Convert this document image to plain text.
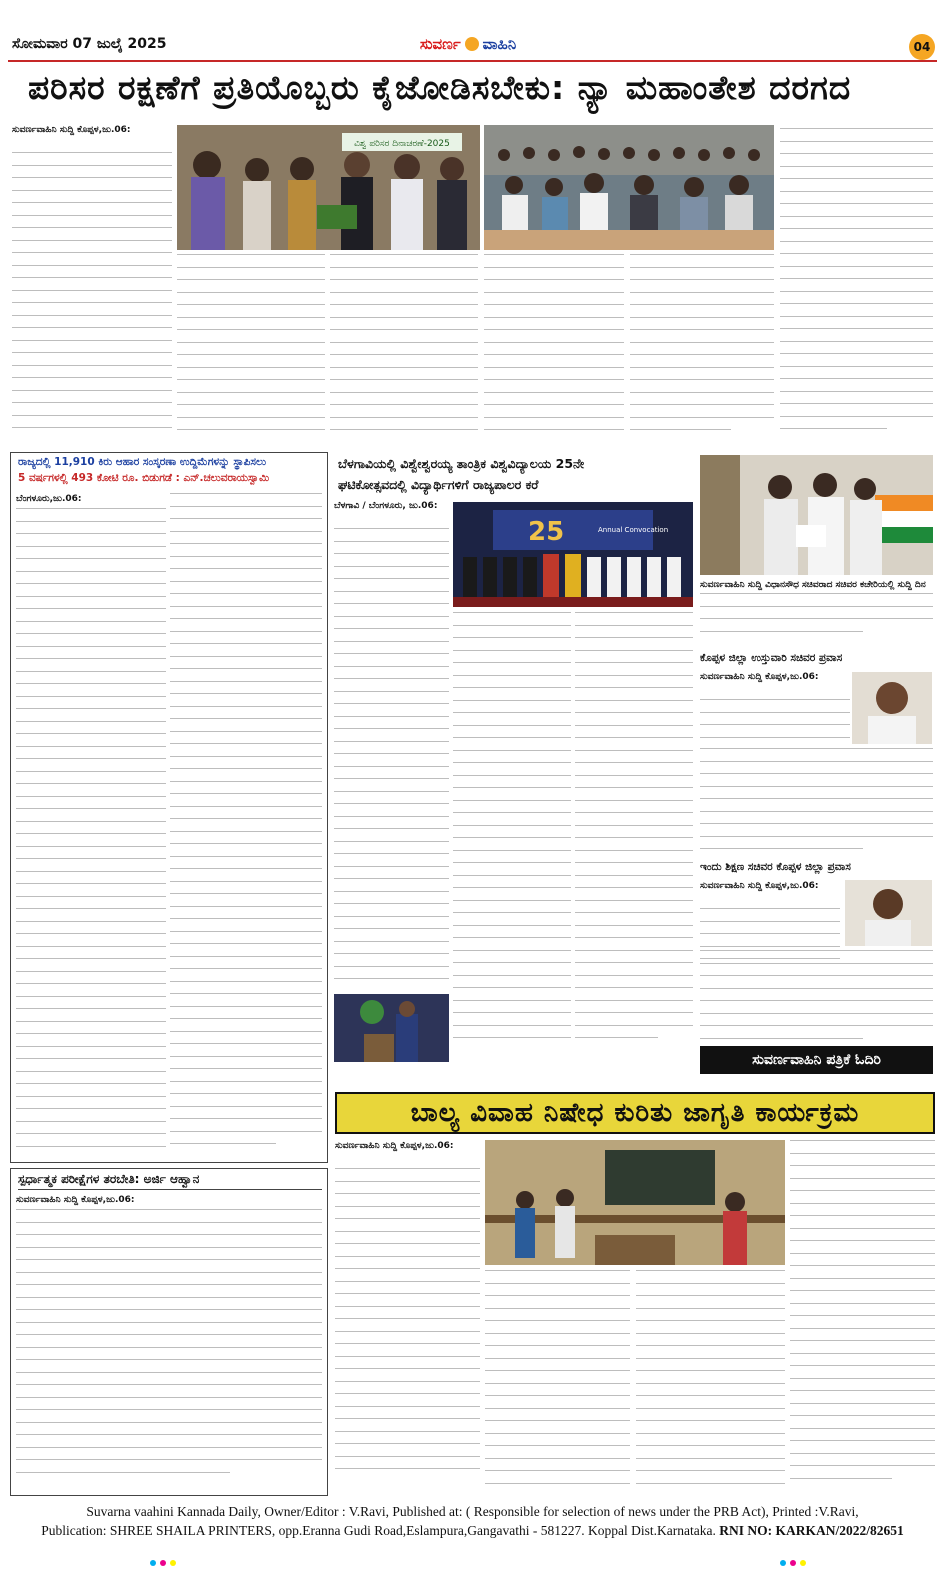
ಸೋಮವಾರ 07 ಜುಲೈ 2025	ಸುವರ್ಣ ವಾಹಿನಿ	04
ಪರಿಸರ ರಕ್ಷಣೆಗೆ ಪ್ರತಿಯೊಬ್ಬರು ಕೈಜೋಡಿಸಬೇಕು: ನ್ಯಾ ಮಹಾಂತೇಶ ದರಗದ
ಸುವರ್ಣವಾಹಿನಿ ಸುದ್ದಿ ಕೊಪ್ಪಳ,ಜು.06:
ವಿಶ್ವ ಪರಿಸರ ದಿನಾಚರಣೆ-2025
ರಾಜ್ಯದಲ್ಲಿ 11,910 ಕಿರು ಆಹಾರ ಸಂಸ್ಕರಣಾ ಉದ್ದಿಮೆಗಳನ್ನು ಸ್ಥಾಪಿಸಲು
5 ವರ್ಷಗಳಲ್ಲಿ 493 ಕೋಟಿ ರೂ. ಬಿಡುಗಡೆ : ಎನ್.ಚಲುವರಾಯಸ್ವಾಮಿ
ಬೆಂಗಳೂರು,ಜು.06:
ಬೆಳಗಾವಿಯಲ್ಲಿ ವಿಶ್ವೇಶ್ವರಯ್ಯ ತಾಂತ್ರಿಕ ವಿಶ್ವವಿದ್ಯಾಲಯ 25ನೇ
ಘಟಿಕೋತ್ಸವದಲ್ಲಿ ವಿದ್ಯಾರ್ಥಿಗಳಿಗೆ ರಾಜ್ಯಪಾಲರ ಕರೆ
ಬೆಳಗಾವಿ / ಬೆಂಗಳೂರು, ಜು.06:
25	Annual Convocation
ಸುವರ್ಣವಾಹಿನಿ ಸುದ್ದಿ ವಿಧಾನಸೌಧ ಸಚಿವರಾದ ಸಚಿವರ ಕಚೇರಿಯಲ್ಲಿ ಸುದ್ದಿ ದಿನ
ಕೊಪ್ಪಳ ಜಿಲ್ಲಾ ಉಸ್ತುವಾರಿ ಸಚಿವರ ಪ್ರವಾಸ
ಸುವರ್ಣವಾಹಿನಿ ಸುದ್ದಿ ಕೊಪ್ಪಳ,ಜು.06:
ಇಂದು ಶಿಕ್ಷಣ ಸಚಿವರ ಕೊಪ್ಪಳ ಜಿಲ್ಲಾ ಪ್ರವಾಸ
ಸುವರ್ಣವಾಹಿನಿ ಸುದ್ದಿ ಕೊಪ್ಪಳ,ಜು.06:
ಸುವರ್ಣವಾಹಿನಿ ಪತ್ರಿಕೆ ಓದಿರಿ
ಬಾಲ್ಯ ವಿವಾಹ ನಿಷೇಧ ಕುರಿತು ಜಾಗೃತಿ ಕಾರ್ಯಕ್ರಮ
ಸ್ಪರ್ಧಾತ್ಮಕ ಪರೀಕ್ಷೆಗಳ ತರಬೇತಿ: ಅರ್ಜಿ ಆಹ್ವಾನ
ಸುವರ್ಣವಾಹಿನಿ ಸುದ್ದಿ ಕೊಪ್ಪಳ,ಜು.06:
ಸುವರ್ಣವಾಹಿನಿ ಸುದ್ದಿ ಕೊಪ್ಪಳ,ಜು.06:
Suvarna vaahini Kannada Daily, Owner/Editor : V.Ravi, Published at: ( Responsible for selection of news under the PRB Act), Printed :V.Ravi,
Publication: SHREE SHAILA PRINTERS, opp.Eranna Gudi Road,Eslampura,Gangavathi - 581227. Koppal Dist.Karnataka. RNI NO: KARKAN/2022/82651
